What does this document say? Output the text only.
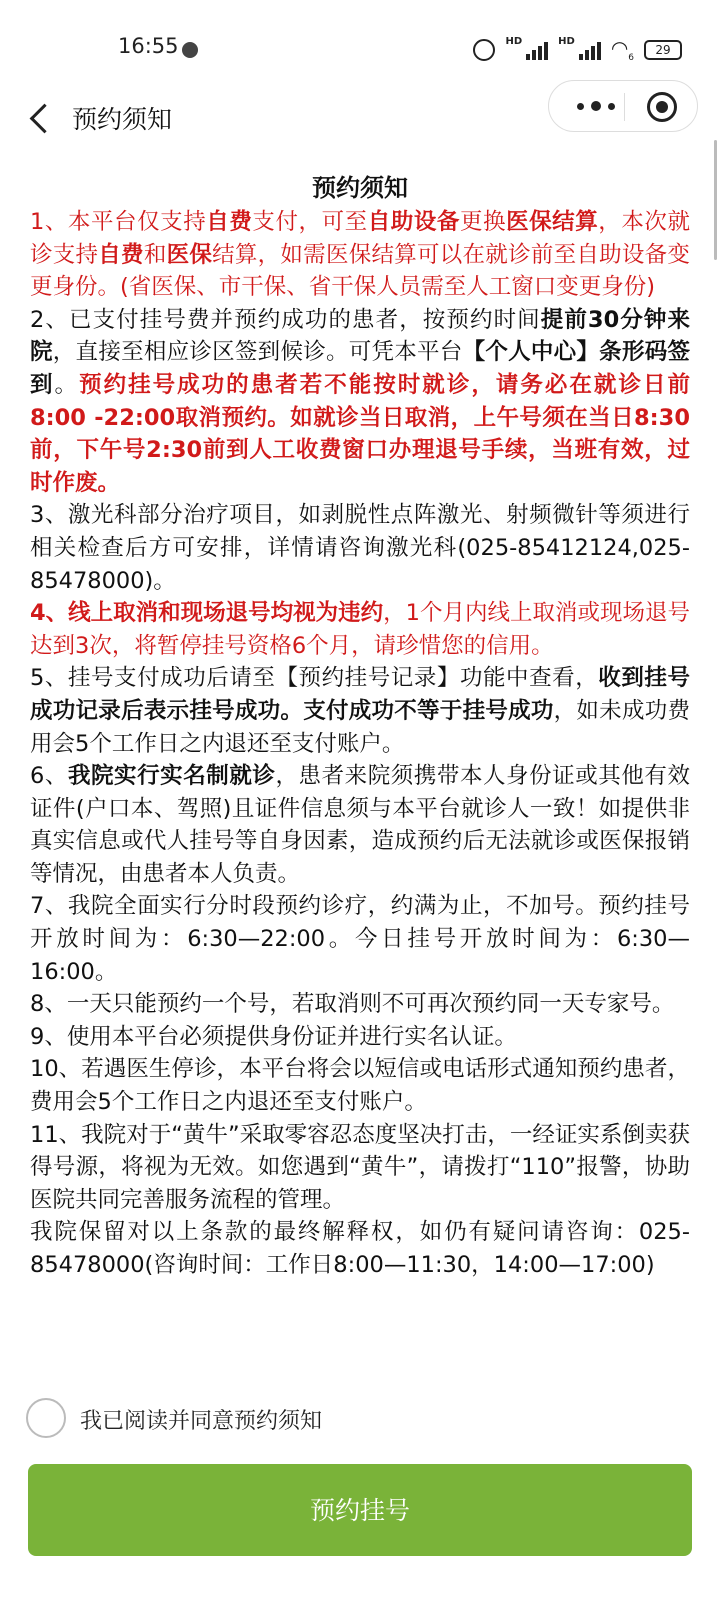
16:55	HD	HD $◠_6$
29
预约须知
预约须知

1、本平台仅支持自费支付，可至自助设备更换医保结算，本次就诊支持自费和医保结算，如需医保结算可以在就诊前至自助设备变更身份。(省医保、市干保、省干保人员需至人工窗口变更身份)

2、已支付挂号费并预约成功的患者，按预约时间提前30分钟来院，直接至相应诊区签到候诊。可凭本平台【个人中心】条形码签到。预约挂号成功的患者若不能按时就诊，请务必在就诊日前8:00 -22:00取消预约。如就诊当日取消，上午号须在当日8:30前，下午号2:30前到人工收费窗口办理退号手续，当班有效，过时作废。

3、激光科部分治疗项目，如剥脱性点阵激光、射频微针等须进行相关检查后方可安排，详情请咨询激光科(025-85412124,025-85478000)。

4、线上取消和现场退号均视为违约，1个月内线上取消或现场退号达到3次，将暂停挂号资格6个月，请珍惜您的信用。

5、挂号支付成功后请至【预约挂号记录】功能中查看，收到挂号成功记录后表示挂号成功。支付成功不等于挂号成功，如未成功费用会5个工作日之内退还至支付账户。

6、我院实行实名制就诊，患者来院须携带本人身份证或其他有效证件(户口本、驾照)且证件信息须与本平台就诊人一致！如提供非真实信息或代人挂号等自身因素，造成预约后无法就诊或医保报销等情况，由患者本人负责。

7、我院全面实行分时段预约诊疗，约满为止，不加号。预约挂号开放时间为：6:30—22:00。今日挂号开放时间为：6:30—16:00。

8、一天只能预约一个号，若取消则不可再次预约同一天专家号。

9、使用本平台必须提供身份证并进行实名认证。

10、若遇医生停诊，本平台将会以短信或电话形式通知预约患者，费用会5个工作日之内退还至支付账户。

11、我院对于“黄牛”采取零容忍态度坚决打击，一经证实系倒卖获得号源，将视为无效。如您遇到“黄牛”，请拨打“110”报警，协助医院共同完善服务流程的管理。

我院保留对以上条款的最终解释权，如仍有疑问请咨询：025-85478000(咨询时间：工作日8:00—11:30，14:00—17:00)

我已阅读并同意预约须知
预约挂号
